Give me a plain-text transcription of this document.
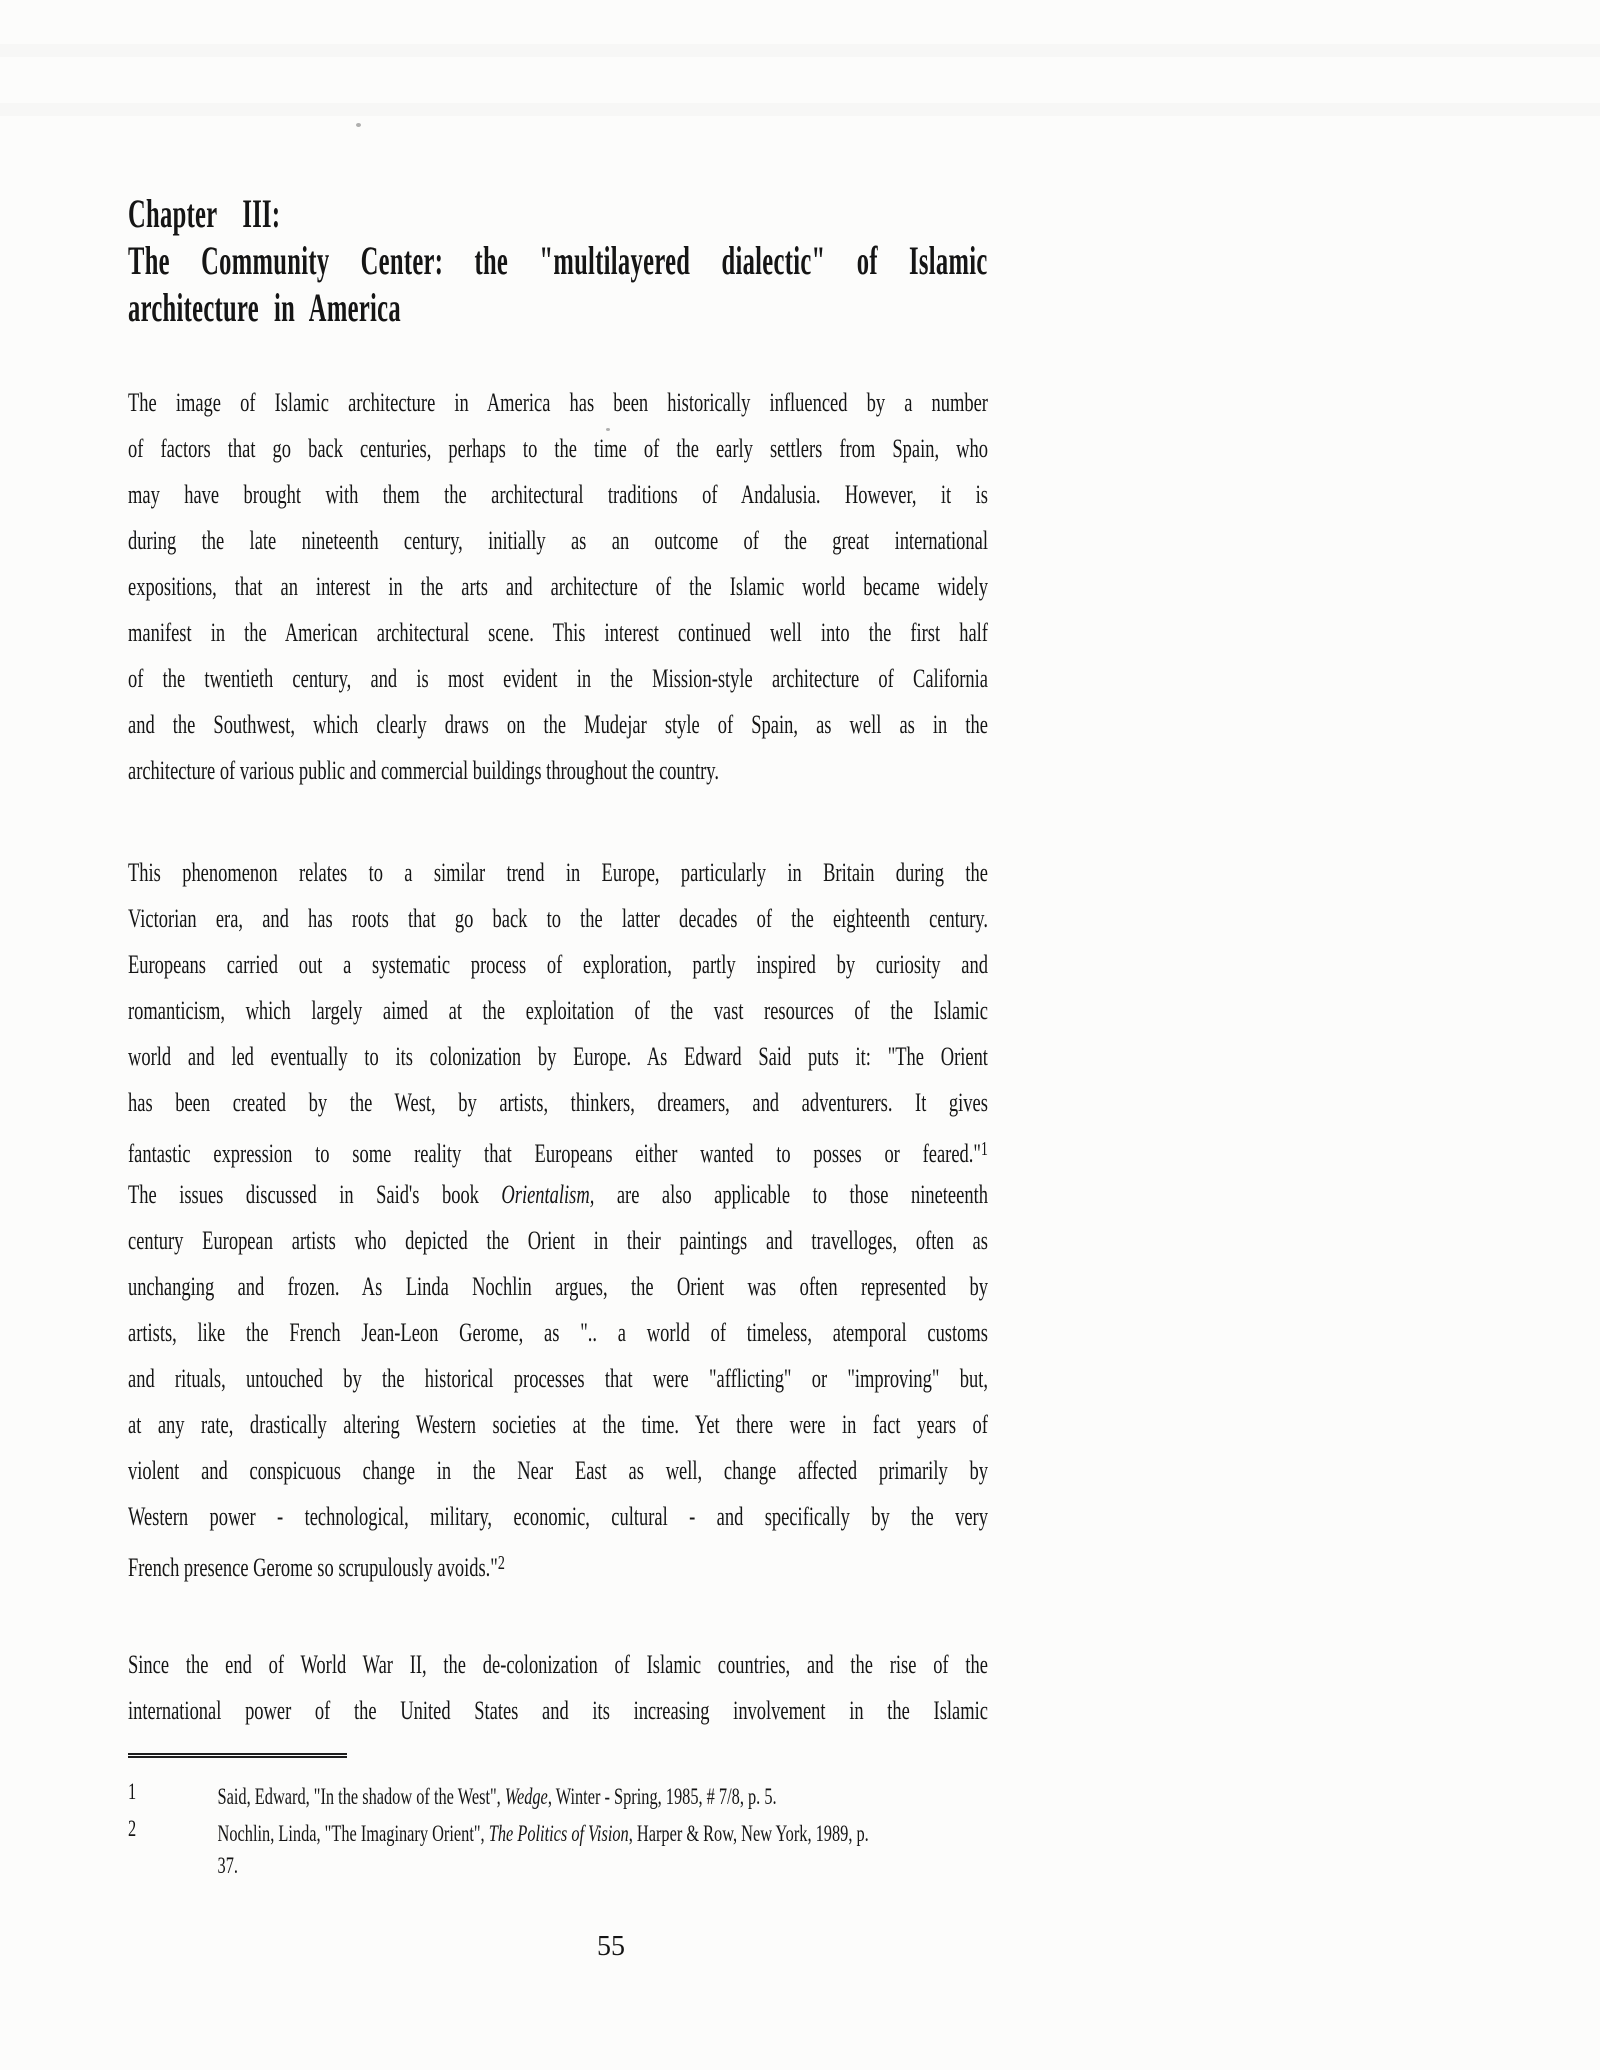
Chapter III:
The Community Center: the "multilayered dialectic" of Islamic
architecture in America
The image of Islamic architecture in America has been historically influenced by a number
of factors that go back centuries, perhaps to the time of the early settlers from Spain, who
may have brought with them the architectural traditions of Andalusia. However, it is
during the late nineteenth century, initially as an outcome of the great international
expositions, that an interest in the arts and architecture of the Islamic world became widely
manifest in the American architectural scene. This interest continued well into the first half
of the twentieth century, and is most evident in the Mission-style architecture of California
and the Southwest, which clearly draws on the Mudejar style of Spain, as well as in the
architecture of various public and commercial buildings throughout the country.
This phenomenon relates to a similar trend in Europe, particularly in Britain during the
Victorian era, and has roots that go back to the latter decades of the eighteenth century.
Europeans carried out a systematic process of exploration, partly inspired by curiosity and
romanticism, which largely aimed at the exploitation of the vast resources of the Islamic
world and led eventually to its colonization by Europe. As Edward Said puts it: "The Orient
has been created by the West, by artists, thinkers, dreamers, and adventurers. It gives
fantastic expression to some reality that Europeans either wanted to posses or feared."$^1$
The issues discussed in Said's book Orientalism, are also applicable to those nineteenth
century European artists who depicted the Orient in their paintings and travelloges, often as
unchanging and frozen. As Linda Nochlin argues, the Orient was often represented by
artists, like the French Jean-Leon Gerome, as ".. a world of timeless, atemporal customs
and rituals, untouched by the historical processes that were "afflicting" or "improving" but,
at any rate, drastically altering Western societies at the time. Yet there were in fact years of
violent and conspicuous change in the Near East as well, change affected primarily by
Western power - technological, military, economic, cultural - and specifically by the very
French presence Gerome so scrupulously avoids."$^2$
Since the end of World War II, the de-colonization of Islamic countries, and the rise of the
international power of the United States and its increasing involvement in the Islamic
1	Said, Edward, "In the shadow of the West", Wedge, Winter - Spring, 1985, # 7/8, p. 5.
2	Nochlin, Linda, "The Imaginary Orient", The Politics of Vision, Harper & Row, New York, 1989, p.
37.
55
